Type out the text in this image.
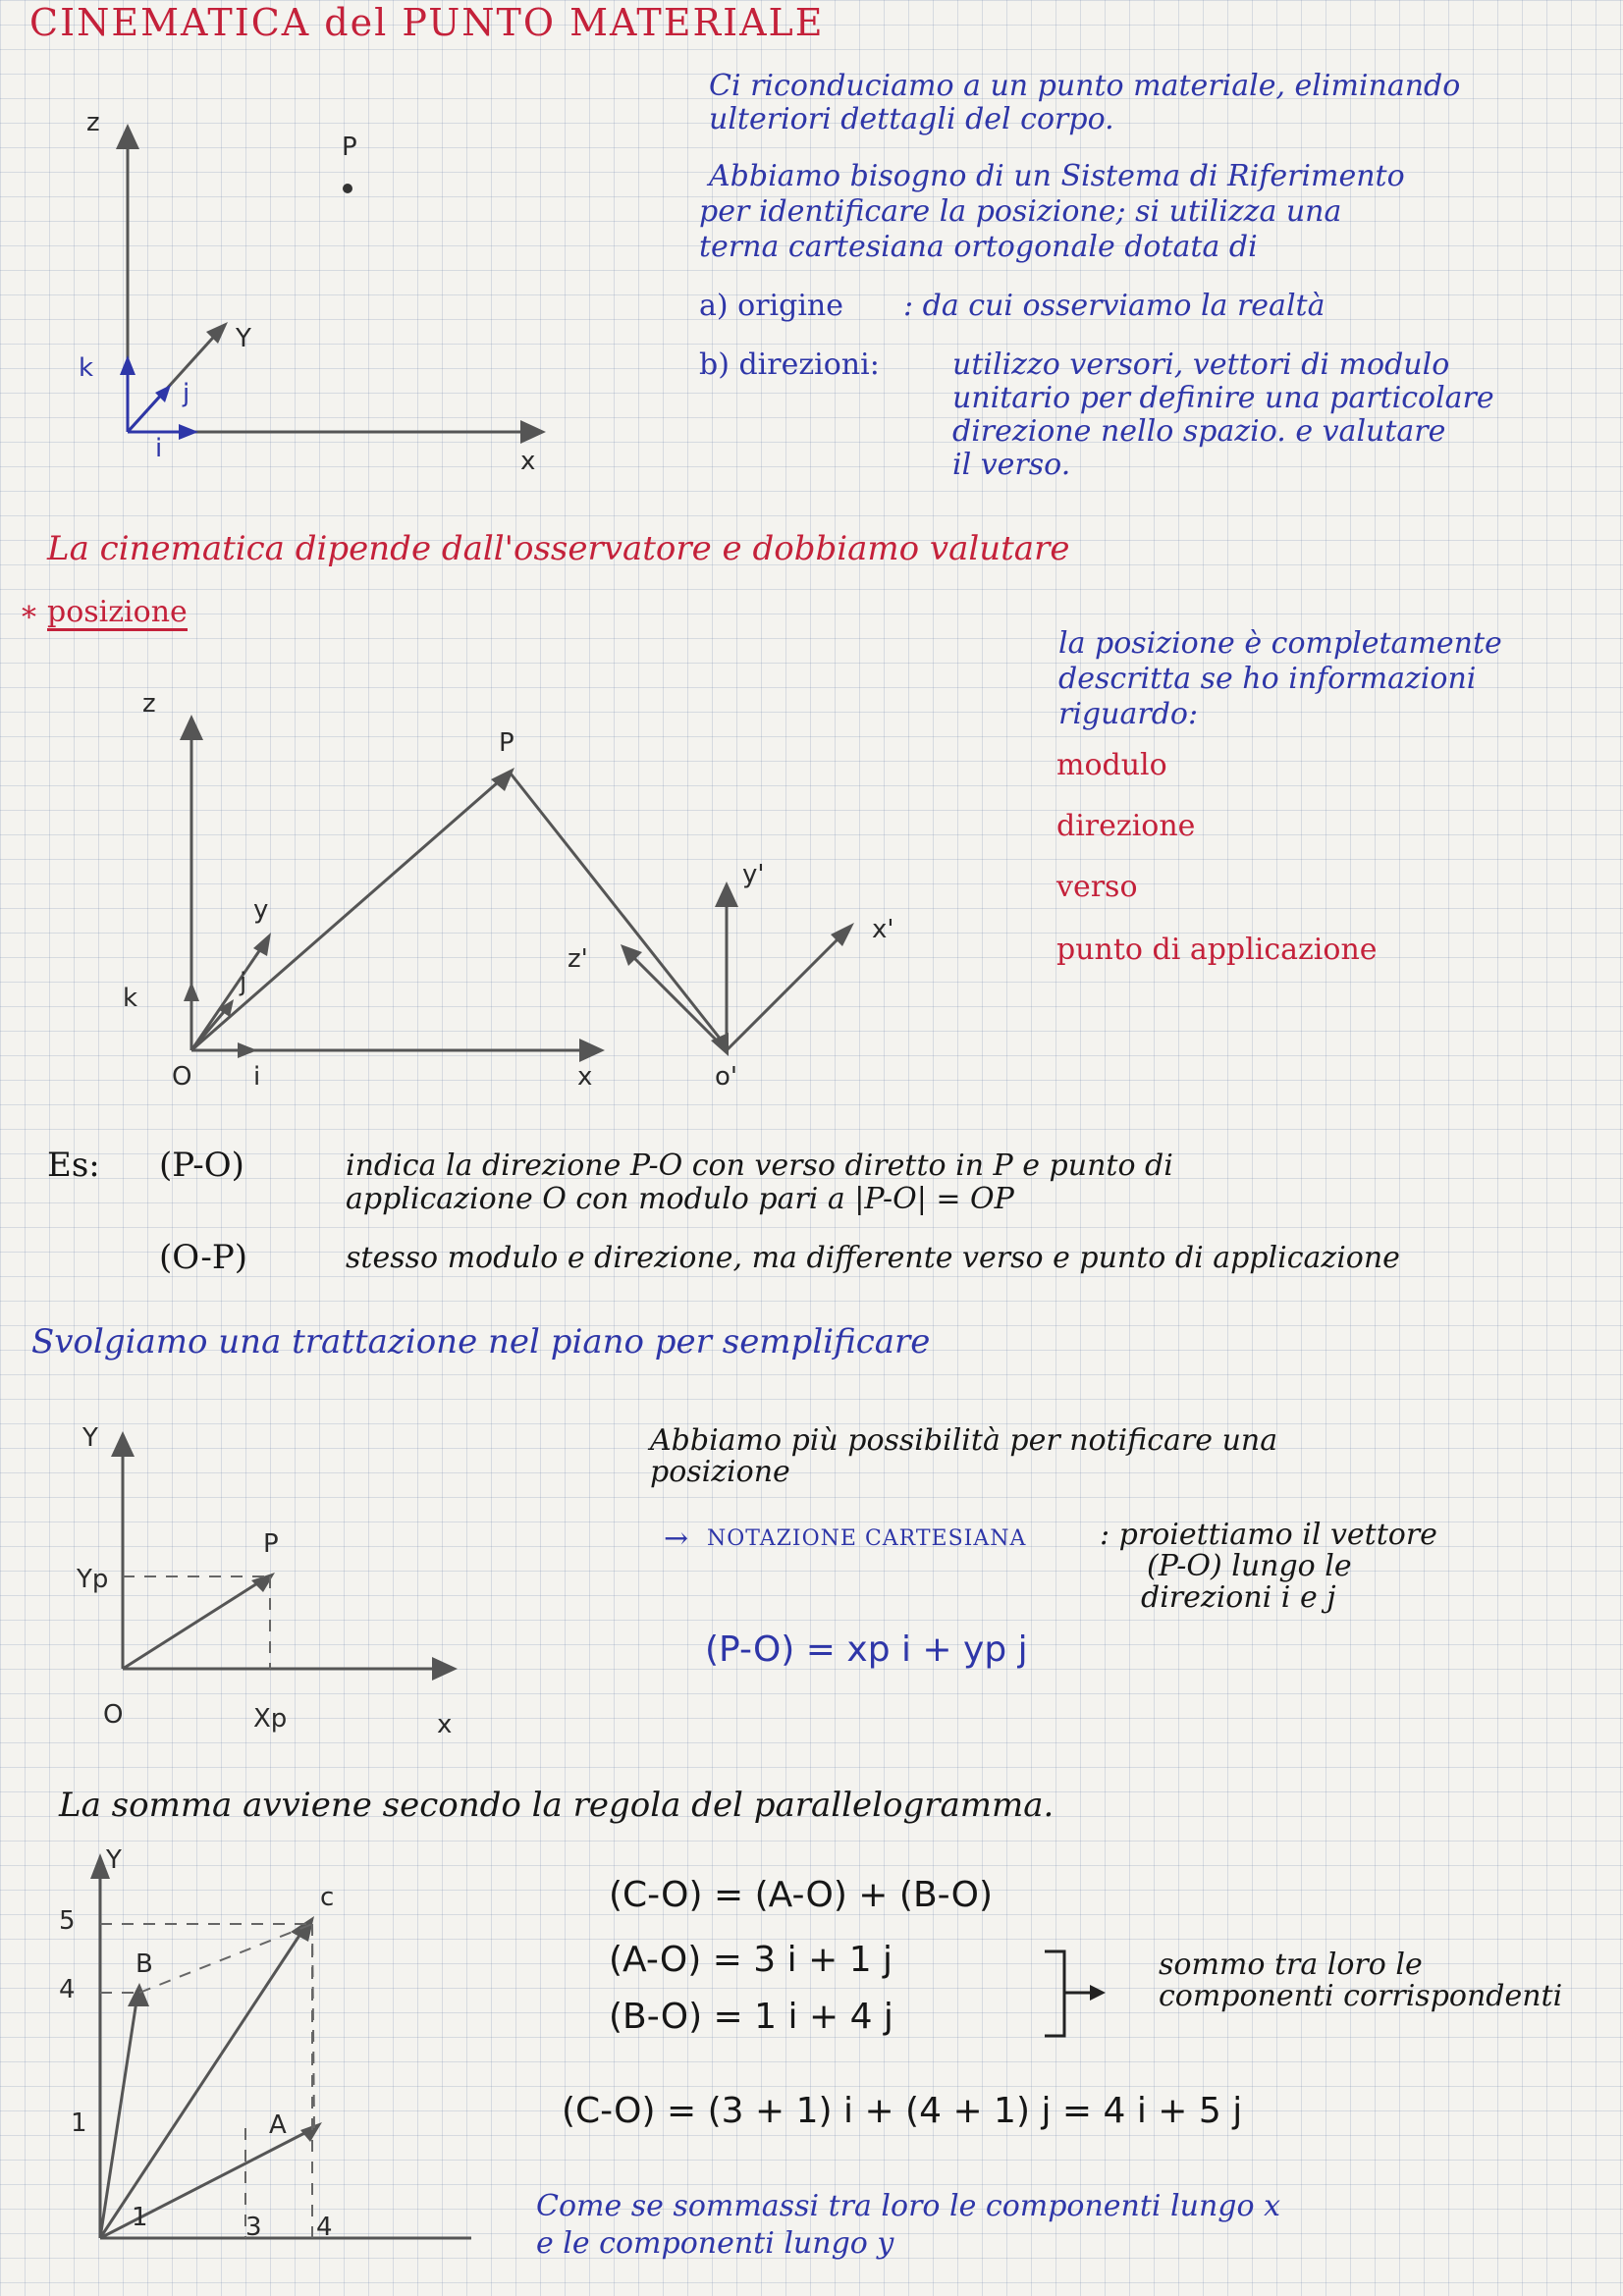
CINEMATICA del PUNTO MATERIALE
z
Y
x
P
k
j
i
Ci riconduciamo a un punto materiale, eliminando
ulteriori dettagli del corpo.
Abbiamo bisogno di un Sistema di Riferimento
per identificare la posizione; si utilizza una
terna cartesiana ortogonale dotata di
a) origine : da cui osserviamo la realtà
b) direzioni: utilizzo versori, vettori di modulo
unitario per definire una particolare
direzione nello spazio. e valutare
il verso.
La cinematica dipende dall'osservatore e dobbiamo valutare
* posizione
la posizione è completamente
descritta se ho informazioni
riguardo:
modulo
direzione
verso
punto di applicazione
z
y
x
P
O
k
j
i	o'
y'
x'
z'
Es: (P-O)	indica la direzione P-O con verso diretto in P e punto di
applicazione O con modulo pari a |P-O| = OP
(O-P)	stesso modulo e direzione, ma differente verso e punto di applicazione
Svolgiamo una trattazione nel piano per semplificare
Y
Yp
P
O	Xp	x
Abbiamo più possibilità per notificare una
posizione
→ NOTAZIONE CARTESIANA : proiettiamo il vettore
(P-O) lungo le
direzioni i e j
(P-O) = xp i + yp j
La somma avviene secondo la regola del parallelogramma.
Y
c
B
A
5
4
1
1	3 4
(C-O) = (A-O) + (B-O)
(A-O) = 3 i + 1 j
(B-O) = 1 i + 4 j
sommo tra loro le
componenti corrispondenti
(C-O) = (3 + 1) i + (4 + 1) j = 4 i + 5 j
Come se sommassi tra loro le componenti lungo x
e le componenti lungo y
